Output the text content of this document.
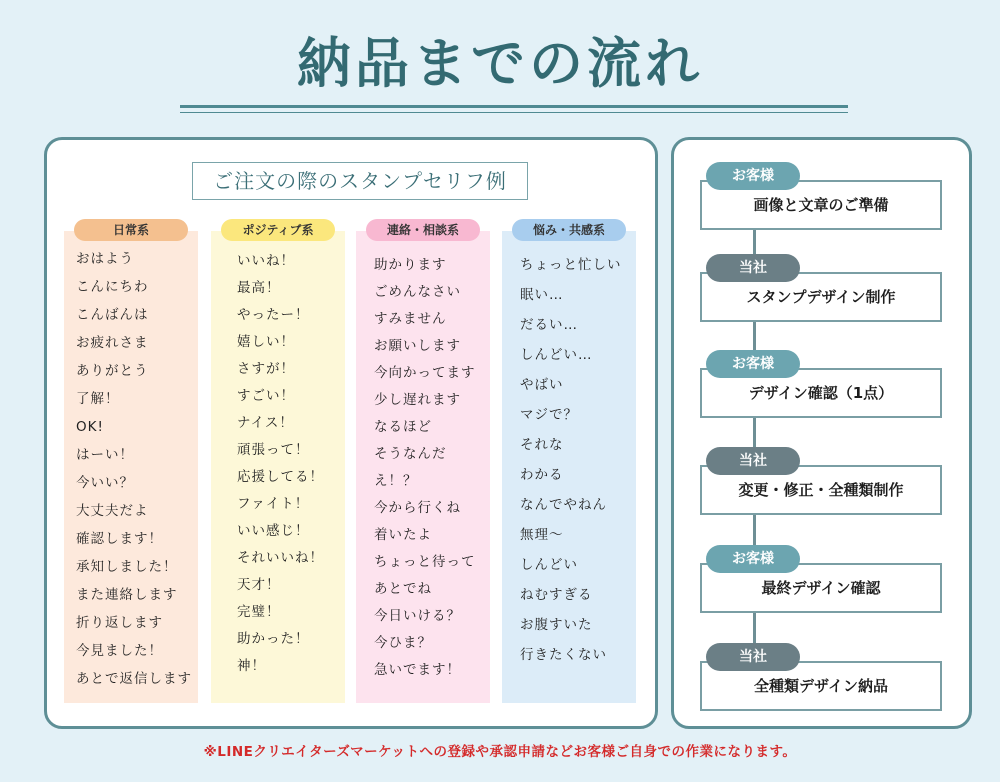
納品までの流れ
ご注文の際のスタンプセリフ例
日常系
おはよう
こんにちわ
こんばんは
お疲れさま
ありがとう
了解！
OK!
はーい！
今いい？
大丈夫だよ
確認します！
承知しました！
また連絡します
折り返します
今見ました！
あとで返信します
ポジティブ系
いいね！
最高！
やったー！
嬉しい！
さすが！
すごい！
ナイス！
頑張って！
応援してる！
ファイト！
いい感じ！
それいいね！
天才！
完璧！
助かった！
神！
連絡・相談系
助かります
ごめんなさい
すみません
お願いします
今向かってます
少し遅れます
なるほど
そうなんだ
え！？
今から行くね
着いたよ
ちょっと待って
あとでね
今日いける？
今ひま？
急いでます！
悩み・共感系
ちょっと忙しい
眠い…
だるい…
しんどい…
やばい
マジで？
それな
わかる
なんでやねん
無理～
しんどい
ねむすぎる
お腹すいた
行きたくない
お客様
画像と文章のご準備
当社
スタンプデザイン制作
お客様
デザイン確認（1点）
当社
変更・修正・全種類制作
お客様
最終デザイン確認
当社
全種類デザイン納品
※LINEクリエイターズマーケットへの登録や承認申請などお客様ご自身での作業になります。
